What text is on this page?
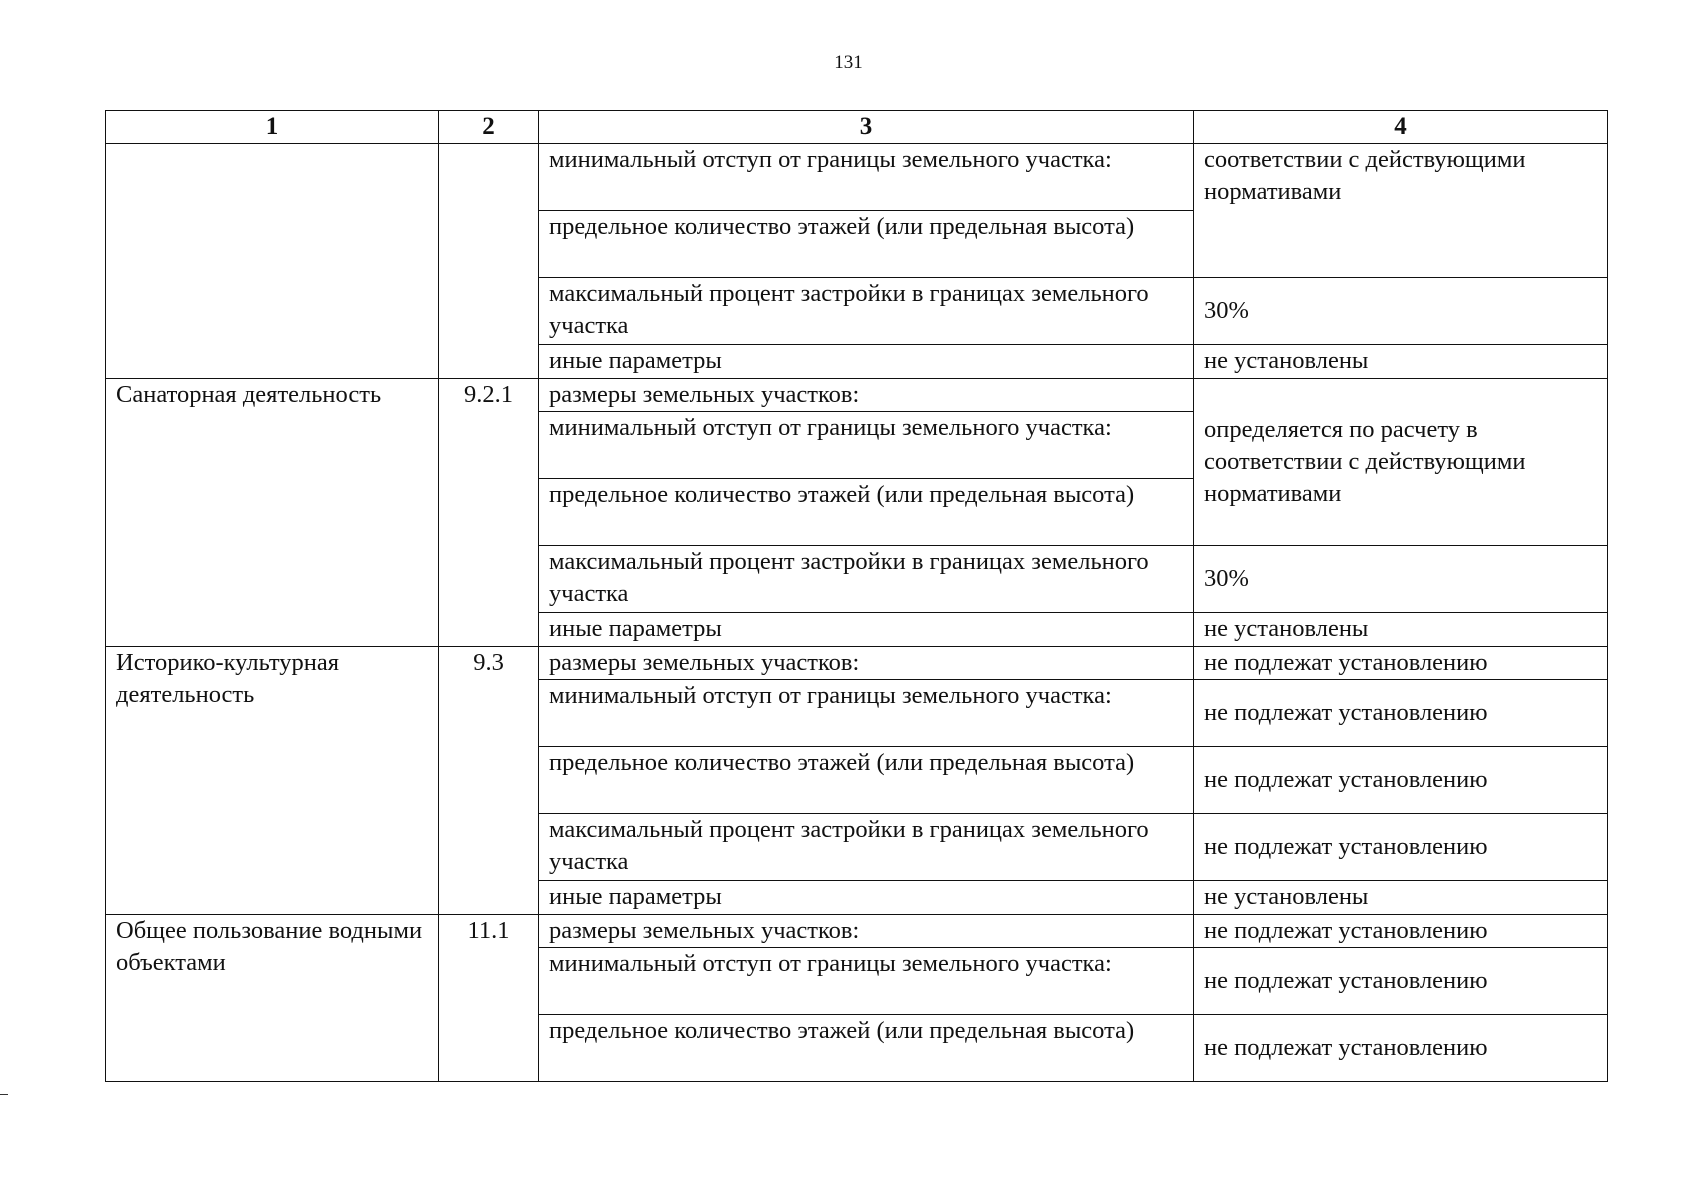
131
1	2	3	4
		минимальный отступ от границы земельного участка:	соответствии с действующими нормативами
		предельное количество этажей (или предельная высота)	
		максимальный процент застройки в границах земельного участка	30%
		иные параметры	не установлены
Санаторная деятельность	9.2.1	размеры земельных участков:	определяется по расчету в соответствии с действующими нормативами
		минимальный отступ от границы земельного участка:	
		предельное количество этажей (или предельная высота)	
		максимальный процент застройки в границах земельного участка	30%
		иные параметры	не установлены
Историко-культурная деятельность	9.3	размеры земельных участков:	не подлежат установлению
		минимальный отступ от границы земельного участка:	не подлежат установлению
		предельное количество этажей (или предельная высота)	не подлежат установлению
		максимальный процент застройки в границах земельного участка	не подлежат установлению
		иные параметры	не установлены
Общее пользование водными объектами	11.1	размеры земельных участков:	не подлежат установлению
		минимальный отступ от границы земельного участка:	не подлежат установлению
		предельное количество этажей (или предельная высота)	не подлежат установлению
